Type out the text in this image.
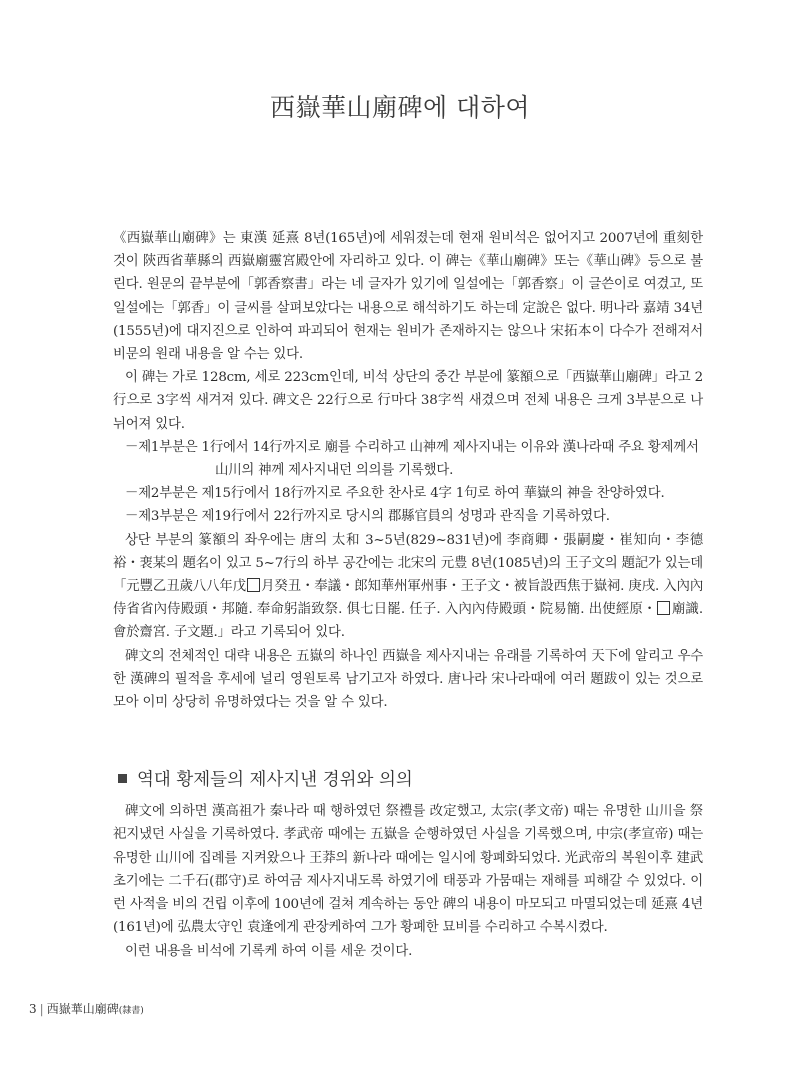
西嶽華山廟碑에 대하여

《西嶽華山廟碑》는 東漢 延熹 8년(165년)에 세워졌는데 현재 원비석은 없어지고 2007년에 重刻한 것이 陝西省華縣의 西嶽廟靈宮殿안에 자리하고 있다. 이 碑는《華山廟碑》또는《華山碑》등으로 불린다. 원문의 끝부분에「郭香察書」라는 네 글자가 있기에 일설에는「郭香察」이 글쓴이로 여겼고, 또 일설에는「郭香」이 글씨를 살펴보았다는 내용으로 해석하기도 하는데 定說은 없다. 明나라 嘉靖 34년(1555년)에 대지진으로 인하여 파괴되어 현재는 원비가 존재하지는 않으나 宋拓本이 다수가 전해져서 비문의 원래 내용을 알 수는 있다.

이 碑는 가로 128cm, 세로 223cm인데, 비석 상단의 중간 부분에 篆額으로「西嶽華山廟碑」라고 2行으로 3字씩 새겨져 있다. 碑文은 22行으로 行마다 38字씩 새겼으며 전체 내용은 크게 3부분으로 나뉘어져 있다.

－제1부분은 1行에서 14行까지로 廟를 수리하고 山神께 제사지내는 이유와 漢나라때 주요 황제께서
山川의 神께 제사지내던 의의를 기록했다.

－제2부분은 제15行에서 18行까지로 주요한 찬사로 4字 1句로 하여 華嶽의 神을 찬양하였다.

－제3부분은 제19行에서 22行까지로 당시의 郡縣官員의 성명과 관직을 기록하였다.

상단 부분의 篆額의 좌우에는 唐의 太和 3~5년(829~831년)에 李商卿・張嗣慶・崔知向・李德裕・裵某의 題名이 있고 5~7行의 하부 공간에는 北宋의 元豊 8년(1085년)의 王子文의 題記가 있는데「元豐乙丑歲八八年戊 月癸丑・奉議・郎知華州軍州事・王子文・被旨設西焦于嶽祠. 庚戌. 入內內侍省省內侍殿頭・邦隨. 奉命躬詣致祭. 俱七日罷. 任子. 入內內侍殿頭・院易簡. 出使經原・ 廟識. 會於齋宮. 子文題.」라고 기록되어 있다.

碑文의 전체적인 대략 내용은 五嶽의 하나인 西嶽을 제사지내는 유래를 기록하여 天下에 알리고 우수한 漢碑의 필적을 후세에 널리 영원토록 남기고자 하였다. 唐나라 宋나라때에 여러 題跋이 있는 것으로 모아 이미 상당히 유명하였다는 것을 알 수 있다.

역대 황제들의 제사지낸 경위와 의의

碑文에 의하면 漢高祖가 秦나라 때 행하였던 祭禮를 改定했고, 太宗(孝文帝) 때는 유명한 山川을 祭祀지냈던 사실을 기록하였다. 孝武帝 때에는 五嶽을 순행하였던 사실을 기록했으며, 中宗(孝宣帝) 때는 유명한 山川에 집례를 지켜왔으나 王莽의 新나라 때에는 일시에 황폐화되었다. 光武帝의 복원이후 建武 초기에는 二千石(郡守)로 하여금 제사지내도록 하였기에 태풍과 가뭄때는 재해를 피해갈 수 있었다. 이런 사적을 비의 건립 이후에 100년에 걸쳐 계속하는 동안 碑의 내용이 마모되고 마멸되었는데 延熹 4년(161년)에 弘農太守인 袁逢에게 관장케하여 그가 황폐한 묘비를 수리하고 수복시켰다.

이런 내용을 비석에 기록케 하여 이를 세운 것이다.

3 | 西嶽華山廟碑(隸書)
